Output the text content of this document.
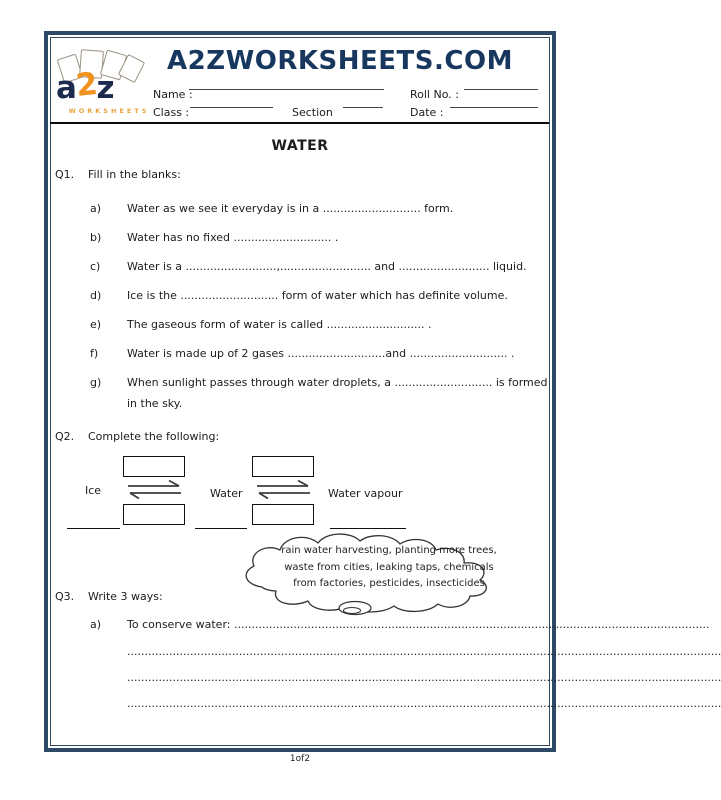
a2z
WORKSHEETS
A2ZWORKSHEETS.COM
Name :	Roll No. :
Class :	Section	Date :
WATER
Q1. Fill in the blanks:
a) Water as we see it everyday is in a ............................ form.
b) Water has no fixed ............................ .
c) Water is a ..........................,.......................... and .......................... liquid.
d) Ice is the ............................ form of water which has definite volume.
e) The gaseous form of water is called ............................ .
f)	Water is made up of 2 gases ............................and ............................ .
g) When sunlight passes through water droplets, a ............................ is formed
in the sky.
Q2. Complete the following:
Ice	Water	Water vapour
rain water harvesting, planting more trees,
waste from cities, leaking taps, chemicals
from factories, pesticides, insecticides
Q3. Write 3 ways:
a) To conserve water: ........................................................................................................................................
..........................................................................................................................................................................
..........................................................................................................................................................................
..........................................................................................................................................................................
1of2
